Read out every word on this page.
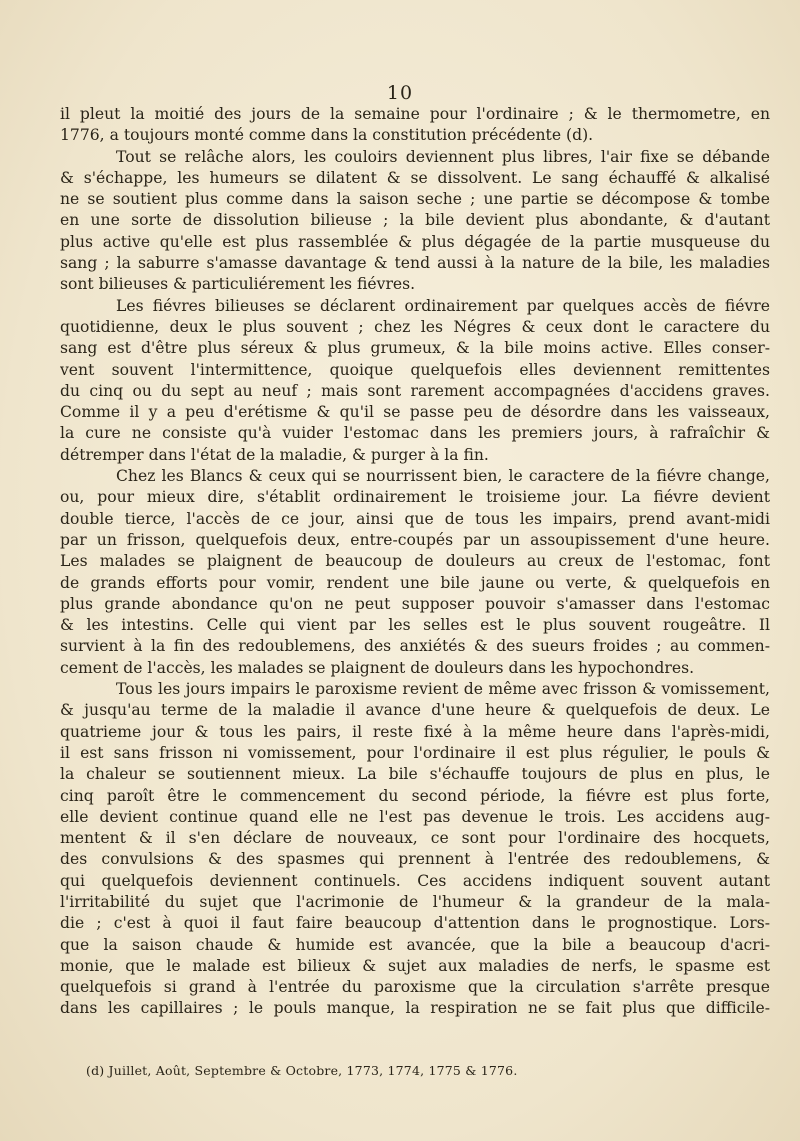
10
il pleut la moitié des jours de la semaine pour l'ordinaire ; & le thermometre, en
1776, a toujours monté comme dans la constitution précédente (d).
Tout se relâche alors, les couloirs deviennent plus libres, l'air fixe se débande
& s'échappe, les humeurs se dilatent & se dissolvent. Le sang échauffé & alkalisé
ne se soutient plus comme dans la saison seche ; une partie se décompose & tombe
en une sorte de dissolution bilieuse ; la bile devient plus abondante, & d'autant
plus active qu'elle est plus rassemblée & plus dégagée de la partie musqueuse du
sang ; la saburre s'amasse davantage & tend aussi à la nature de la bile, les maladies
sont bilieuses & particuliérement les fiévres.
Les fiévres bilieuses se déclarent ordinairement par quelques accès de fiévre
quotidienne, deux le plus souvent ; chez les Négres & ceux dont le caractere du
sang est d'être plus séreux & plus grumeux, & la bile moins active. Elles conser-
vent souvent l'intermittence, quoique quelquefois elles deviennent remittentes
du cinq ou du sept au neuf ; mais sont rarement accompagnées d'accidens graves.
Comme il y a peu d'erétisme & qu'il se passe peu de désordre dans les vaisseaux,
la cure ne consiste qu'à vuider l'estomac dans les premiers jours, à rafraîchir &
détremper dans l'état de la maladie, & purger à la fin.
Chez les Blancs & ceux qui se nourrissent bien, le caractere de la fiévre change,
ou, pour mieux dire, s'établit ordinairement le troisieme jour. La fiévre devient
double tierce, l'accès de ce jour, ainsi que de tous les impairs, prend avant-midi
par un frisson, quelquefois deux, entre-coupés par un assoupissement d'une heure.
Les malades se plaignent de beaucoup de douleurs au creux de l'estomac, font
de grands efforts pour vomir, rendent une bile jaune ou verte, & quelquefois en
plus grande abondance qu'on ne peut supposer pouvoir s'amasser dans l'estomac
& les intestins. Celle qui vient par les selles est le plus souvent rougeâtre. Il
survient à la fin des redoublemens, des anxiétés & des sueurs froides ; au commen-
cement de l'accès, les malades se plaignent de douleurs dans les hypochondres.
Tous les jours impairs le paroxisme revient de même avec frisson & vomissement,
& jusqu'au terme de la maladie il avance d'une heure & quelquefois de deux. Le
quatrieme jour & tous les pairs, il reste fixé à la même heure dans l'après-midi,
il est sans frisson ni vomissement, pour l'ordinaire il est plus régulier, le pouls &
la chaleur se soutiennent mieux. La bile s'échauffe toujours de plus en plus, le
cinq paroît être le commencement du second période, la fiévre est plus forte,
elle devient continue quand elle ne l'est pas devenue le trois. Les accidens aug-
mentent & il s'en déclare de nouveaux, ce sont pour l'ordinaire des hocquets,
des convulsions & des spasmes qui prennent à l'entrée des redoublemens, &
qui quelquefois deviennent continuels. Ces accidens indiquent souvent autant
l'irritabilité du sujet que l'acrimonie de l'humeur & la grandeur de la mala-
die ; c'est à quoi il faut faire beaucoup d'attention dans le prognostique. Lors-
que la saison chaude & humide est avancée, que la bile a beaucoup d'acri-
monie, que le malade est bilieux & sujet aux maladies de nerfs, le spasme est
quelquefois si grand à l'entrée du paroxisme que la circulation s'arrête presque
dans les capillaires ; le pouls manque, la respiration ne se fait plus que difficile-
(d) Juillet, Août, Septembre & Octobre, 1773, 1774, 1775 & 1776.
